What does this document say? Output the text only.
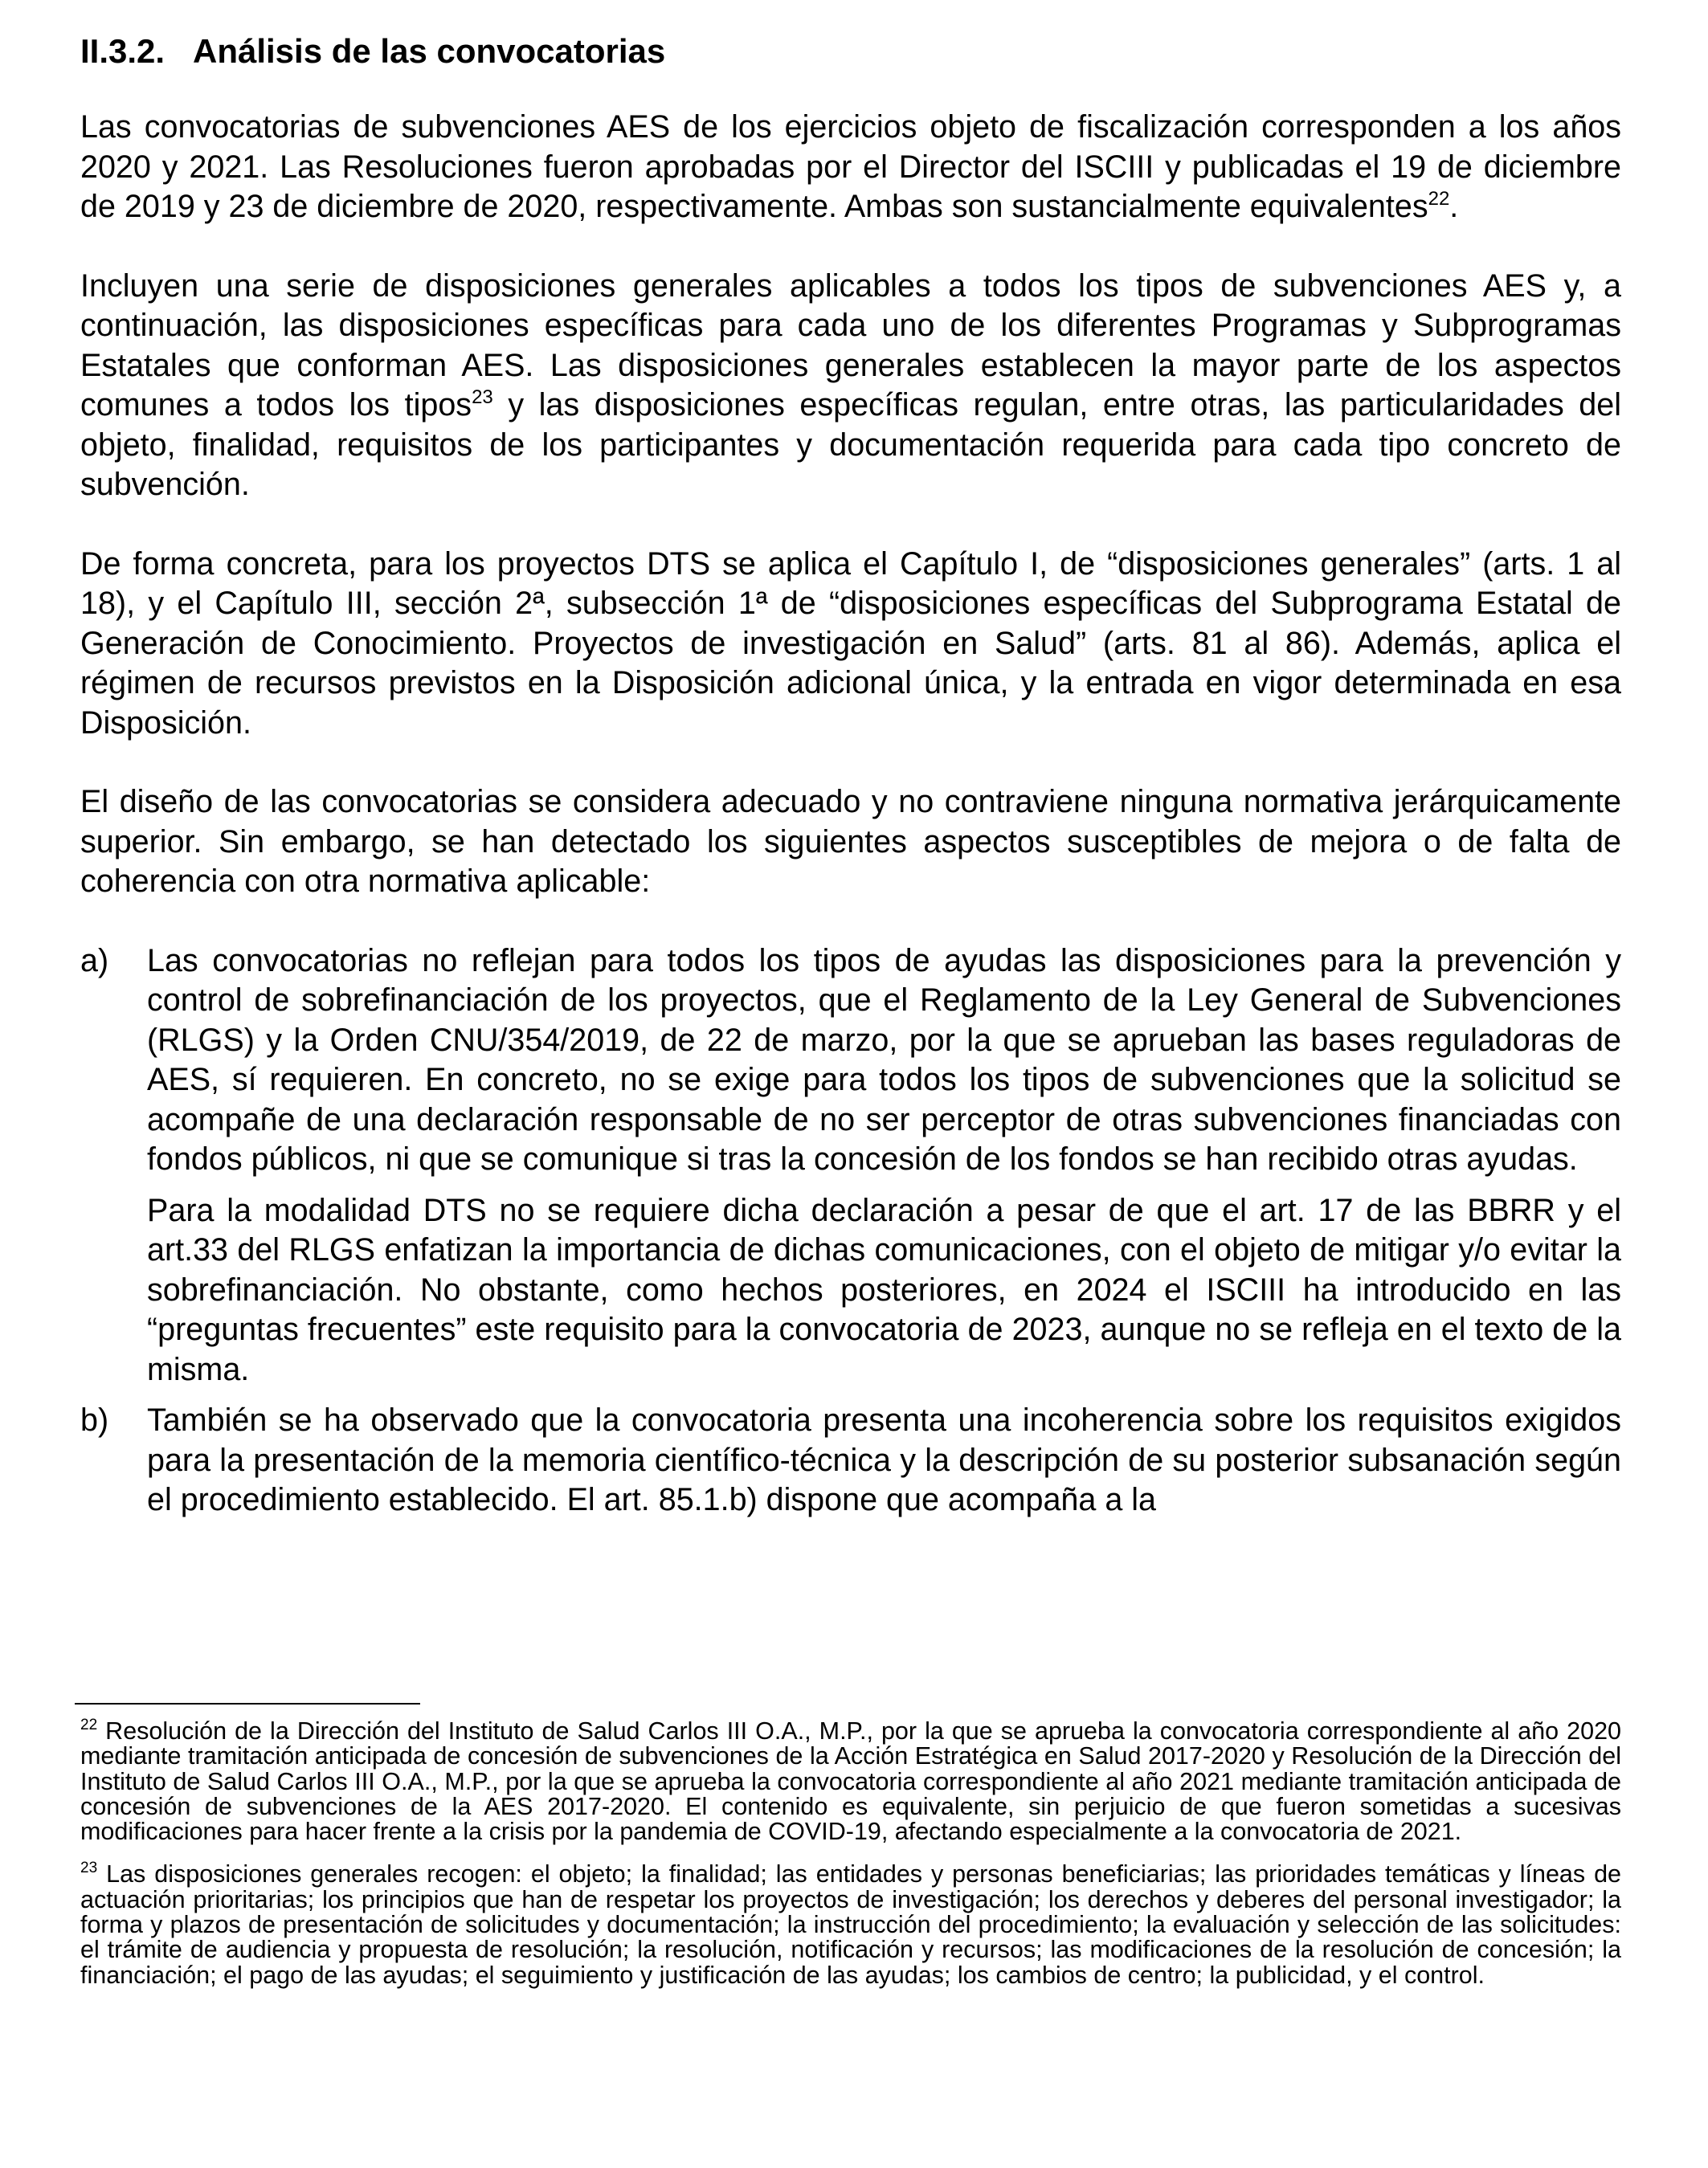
II.3.2. Análisis de las convocatorias

Las convocatorias de subvenciones AES de los ejercicios objeto de fiscalización corresponden a los años 2020 y 2021. Las Resoluciones fueron aprobadas por el Director del ISCIII y publicadas el 19 de diciembre de 2019 y 23 de diciembre de 2020, respectivamente. Ambas son sustancialmente equivalentes$^{22}$.

Incluyen una serie de disposiciones generales aplicables a todos los tipos de subvenciones AES y, a continuación, las disposiciones específicas para cada uno de los diferentes Programas y Subprogramas Estatales que conforman AES. Las disposiciones generales establecen la mayor parte de los aspectos comunes a todos los tipos$^{23}$ y las disposiciones específicas regulan, entre otras, las particularidades del objeto, finalidad, requisitos de los participantes y documentación requerida para cada tipo concreto de subvención.

De forma concreta, para los proyectos DTS se aplica el Capítulo I, de “disposiciones generales” (arts. 1 al 18), y el Capítulo III, sección 2ª, subsección 1ª de “disposiciones específicas del Subprograma Estatal de Generación de Conocimiento. Proyectos de investigación en Salud” (arts. 81 al 86). Además, aplica el régimen de recursos previstos en la Disposición adicional única, y la entrada en vigor determinada en esa Disposición.

El diseño de las convocatorias se considera adecuado y no contraviene ninguna normativa jerárquicamente superior. Sin embargo, se han detectado los siguientes aspectos susceptibles de mejora o de falta de coherencia con otra normativa aplicable:

a) Las convocatorias no reflejan para todos los tipos de ayudas las disposiciones para la prevención y control de sobrefinanciación de los proyectos, que el Reglamento de la Ley General de Subvenciones (RLGS) y la Orden CNU/354/2019, de 22 de marzo, por la que se aprueban las bases reguladoras de AES, sí requieren. En concreto, no se exige para todos los tipos de subvenciones que la solicitud se acompañe de una declaración responsable de no ser perceptor de otras subvenciones financiadas con fondos públicos, ni que se comunique si tras la concesión de los fondos se han recibido otras ayudas.

Para la modalidad DTS no se requiere dicha declaración a pesar de que el art. 17 de las BBRR y el art.33 del RLGS enfatizan la importancia de dichas comunicaciones, con el objeto de mitigar y/o evitar la sobrefinanciación. No obstante, como hechos posteriores, en 2024 el ISCIII ha introducido en las “preguntas frecuentes” este requisito para la convocatoria de 2023, aunque no se refleja en el texto de la misma.

b) También se ha observado que la convocatoria presenta una incoherencia sobre los requisitos exigidos para la presentación de la memoria científico-técnica y la descripción de su posterior subsanación según el procedimiento establecido. El art. 85.1.b) dispone que acompaña a la

$^{22}$ Resolución de la Dirección del Instituto de Salud Carlos III O.A., M.P., por la que se aprueba la convocatoria correspondiente al año 2020 mediante tramitación anticipada de concesión de subvenciones de la Acción Estratégica en Salud 2017-2020 y Resolución de la Dirección del Instituto de Salud Carlos III O.A., M.P., por la que se aprueba la convocatoria correspondiente al año 2021 mediante tramitación anticipada de concesión de subvenciones de la AES 2017-2020. El contenido es equivalente, sin perjuicio de que fueron sometidas a sucesivas modificaciones para hacer frente a la crisis por la pandemia de COVID-19, afectando especialmente a la convocatoria de 2021.

$^{23}$ Las disposiciones generales recogen: el objeto; la finalidad; las entidades y personas beneficiarias; las prioridades temáticas y líneas de actuación prioritarias; los principios que han de respetar los proyectos de investigación; los derechos y deberes del personal investigador; la forma y plazos de presentación de solicitudes y documentación; la instrucción del procedimiento; la evaluación y selección de las solicitudes: el trámite de audiencia y propuesta de resolución; la resolución, notificación y recursos; las modificaciones de la resolución de concesión; la financiación; el pago de las ayudas; el seguimiento y justificación de las ayudas; los cambios de centro; la publicidad, y el control.
